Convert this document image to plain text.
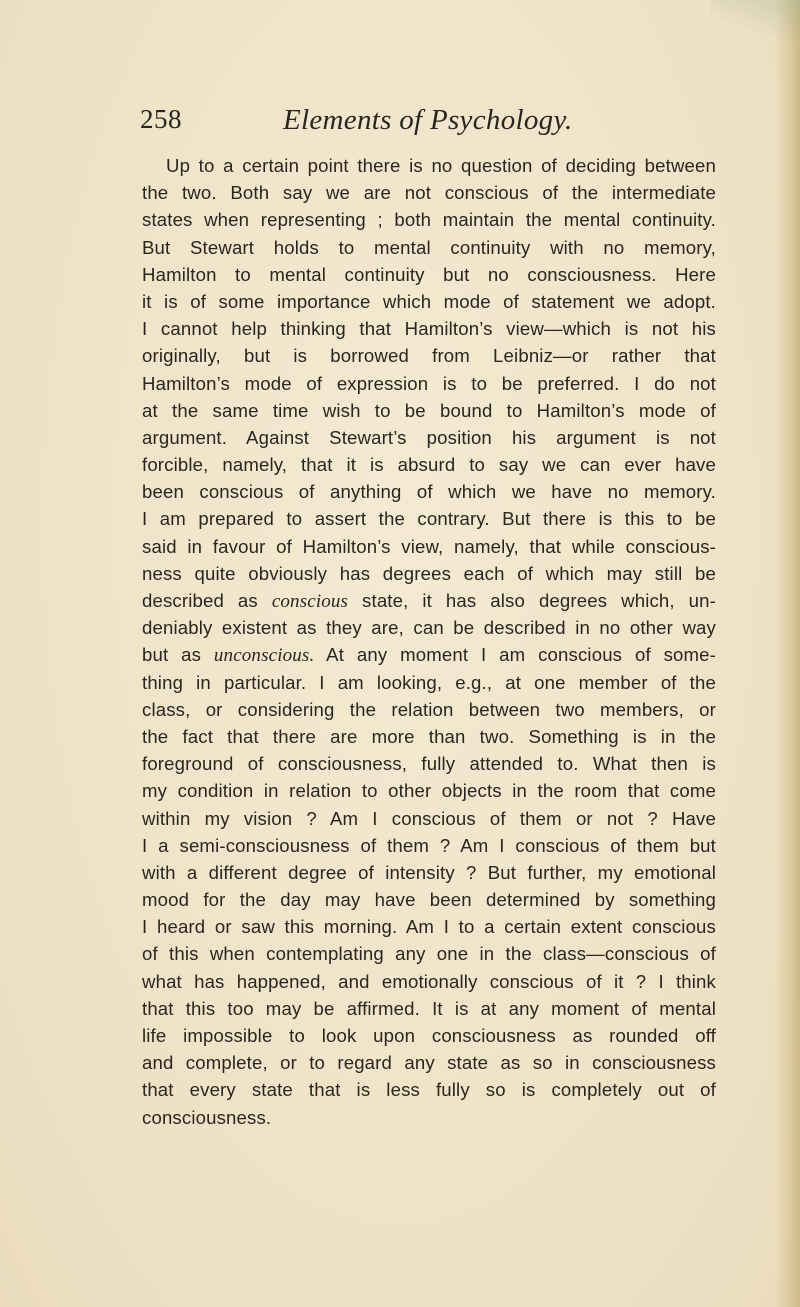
258	Elements of Psychology.
Up to a certain point there is no question of deciding between
the two. Both say we are not conscious of the intermediate
states when representing ; both maintain the mental continuity.
But Stewart holds to mental continuity with no memory,
Hamilton to mental continuity but no consciousness. Here
it is of some importance which mode of statement we adopt.
I cannot help thinking that Hamilton’s view—which is not his
originally, but is borrowed from Leibniz—or rather that
Hamilton’s mode of expression is to be preferred. I do not
at the same time wish to be bound to Hamilton’s mode of
argument. Against Stewart’s position his argument is not
forcible, namely, that it is absurd to say we can ever have
been conscious of anything of which we have no memory.
I am prepared to assert the contrary. But there is this to be
said in favour of Hamilton’s view, namely, that while conscious-
ness quite obviously has degrees each of which may still be
described as conscious state, it has also degrees which, un-
deniably existent as they are, can be described in no other way
but as unconscious. At any moment I am conscious of some-
thing in particular. I am looking, e.g., at one member of the
class, or considering the relation between two members, or
the fact that there are more than two. Something is in the
foreground of consciousness, fully attended to. What then is
my condition in relation to other objects in the room that come
within my vision ? Am I conscious of them or not ? Have
I a semi-consciousness of them ? Am I conscious of them but
with a different degree of intensity ? But further, my emotional
mood for the day may have been determined by something
I heard or saw this morning. Am I to a certain extent conscious
of this when contemplating any one in the class—conscious of
what has happened, and emotionally conscious of it ? I think
that this too may be affirmed. It is at any moment of mental
life impossible to look upon consciousness as rounded off
and complete, or to regard any state as so in consciousness
that every state that is less fully so is completely out of
consciousness.
